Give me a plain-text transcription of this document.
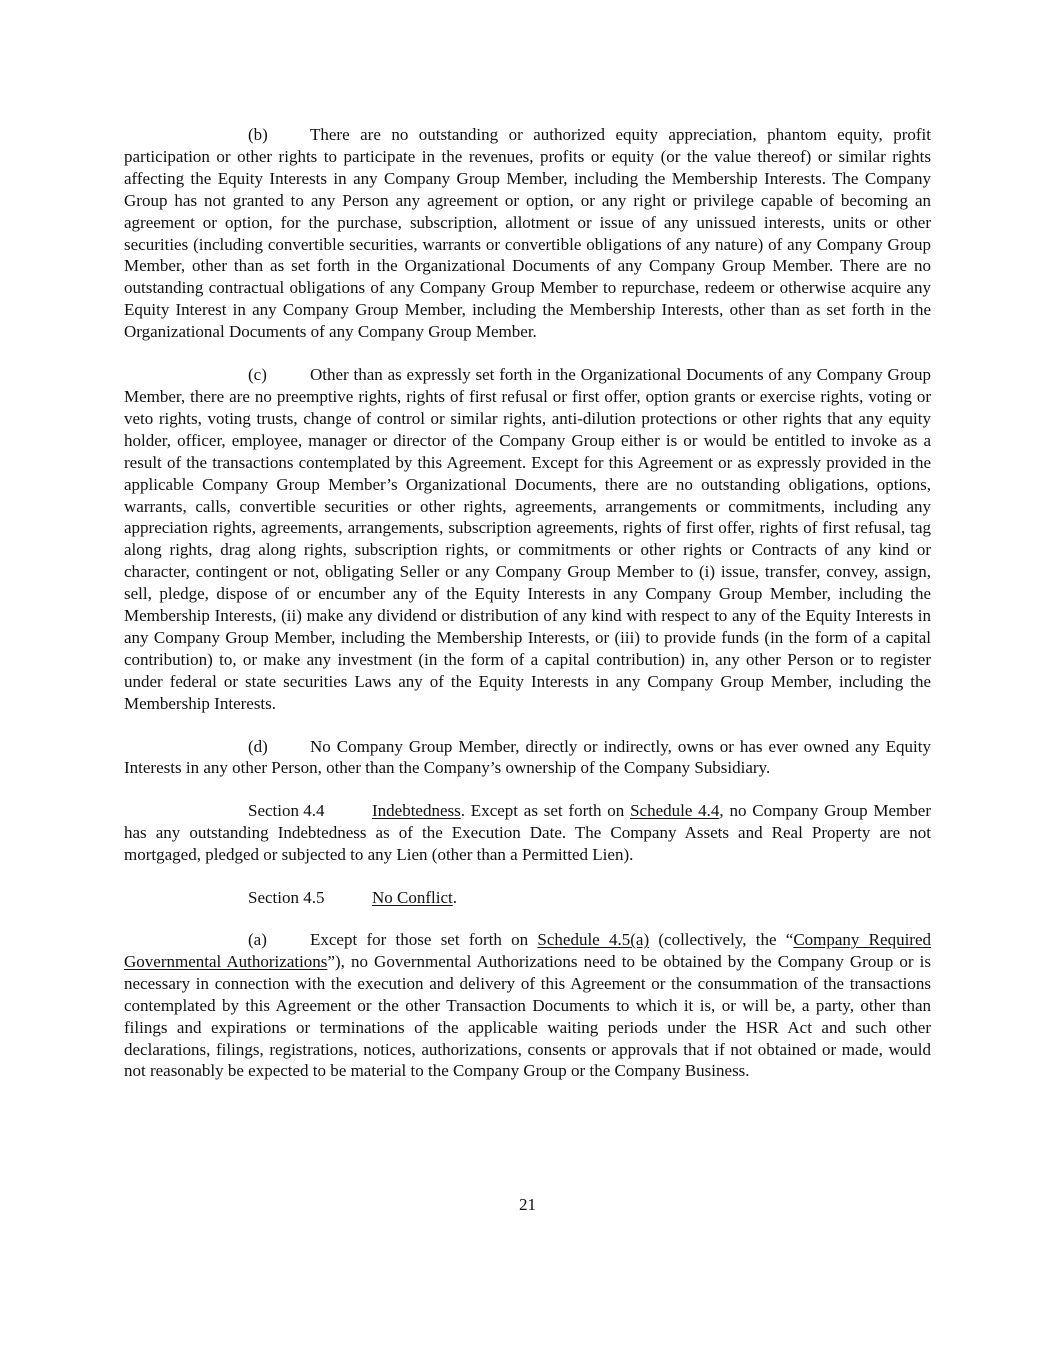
(b) There are no outstanding or authorized equity appreciation, phantom equity, profit participation or other rights to participate in the revenues, profits or equity (or the value thereof) or similar rights affecting the Equity Interests in any Company Group Member, including the Membership Interests. The Company Group has not granted to any Person any agreement or option, or any right or privilege capable of becoming an agreement or option, for the purchase, subscription, allotment or issue of any unissued interests, units or other securities (including convertible securities, warrants or convertible obligations of any nature) of any Company Group Member, other than as set forth in the Organizational Documents of any Company Group Member. There are no outstanding contractual obligations of any Company Group Member to repurchase, redeem or otherwise acquire any Equity Interest in any Company Group Member, including the Membership Interests, other than as set forth in the Organizational Documents of any Company Group Member.

(c)	Other than as expressly set forth in the Organizational Documents of any Company Group Member, there are no preemptive rights, rights of first refusal or first offer, option grants or exercise rights, voting or veto rights, voting trusts, change of control or similar rights, anti-dilution protections or other rights that any equity holder, officer, employee, manager or director of the Company Group either is or would be entitled to invoke as a result of the transactions contemplated by this Agreement. Except for this Agreement or as expressly provided in the applicable Company Group Member’s Organizational Documents, there are no outstanding obligations, options, warrants, calls, convertible securities or other rights, agreements, arrangements or commitments, including any appreciation rights, agreements, arrangements, subscription agreements, rights of first offer, rights of first refusal, tag along rights, drag along rights, subscription rights, or commitments or other rights or Contracts of any kind or character, contingent or not, obligating Seller or any Company Group Member to (i) issue, transfer, convey, assign, sell, pledge, dispose of or encumber any of the Equity Interests in any Company Group Member, including the Membership Interests, (ii) make any dividend or distribution of any kind with respect to any of the Equity Interests in any Company Group Member, including the Membership Interests, or (iii) to provide funds (in the form of a capital contribution) to, or make any investment (in the form of a capital contribution) in, any other Person or to register under federal or state securities Laws any of the Equity Interests in any Company Group Member, including the Membership Interests.

(d) No Company Group Member, directly or indirectly, owns or has ever owned any Equity Interests in any other Person, other than the Company’s ownership of the Company Subsidiary.

Section 4.4	Indebtedness. Except as set forth on Schedule 4.4, no Company Group Member has any outstanding Indebtedness as of the Execution Date. The Company Assets and Real Property are not mortgaged, pledged or subjected to any Lien (other than a Permitted Lien).

Section 4.5	No Conflict.

(a)	Except for those set forth on Schedule 4.5(a) (collectively, the “Company Required Governmental Authorizations”), no Governmental Authorizations need to be obtained by the Company Group or is necessary in connection with the execution and delivery of this Agreement or the consummation of the transactions contemplated by this Agreement or the other Transaction Documents to which it is, or will be, a party, other than filings and expirations or terminations of the applicable waiting periods under the HSR Act and such other declarations, filings, registrations, notices, authorizations, consents or approvals that if not obtained or made, would not reasonably be expected to be material to the Company Group or the Company Business.

21
